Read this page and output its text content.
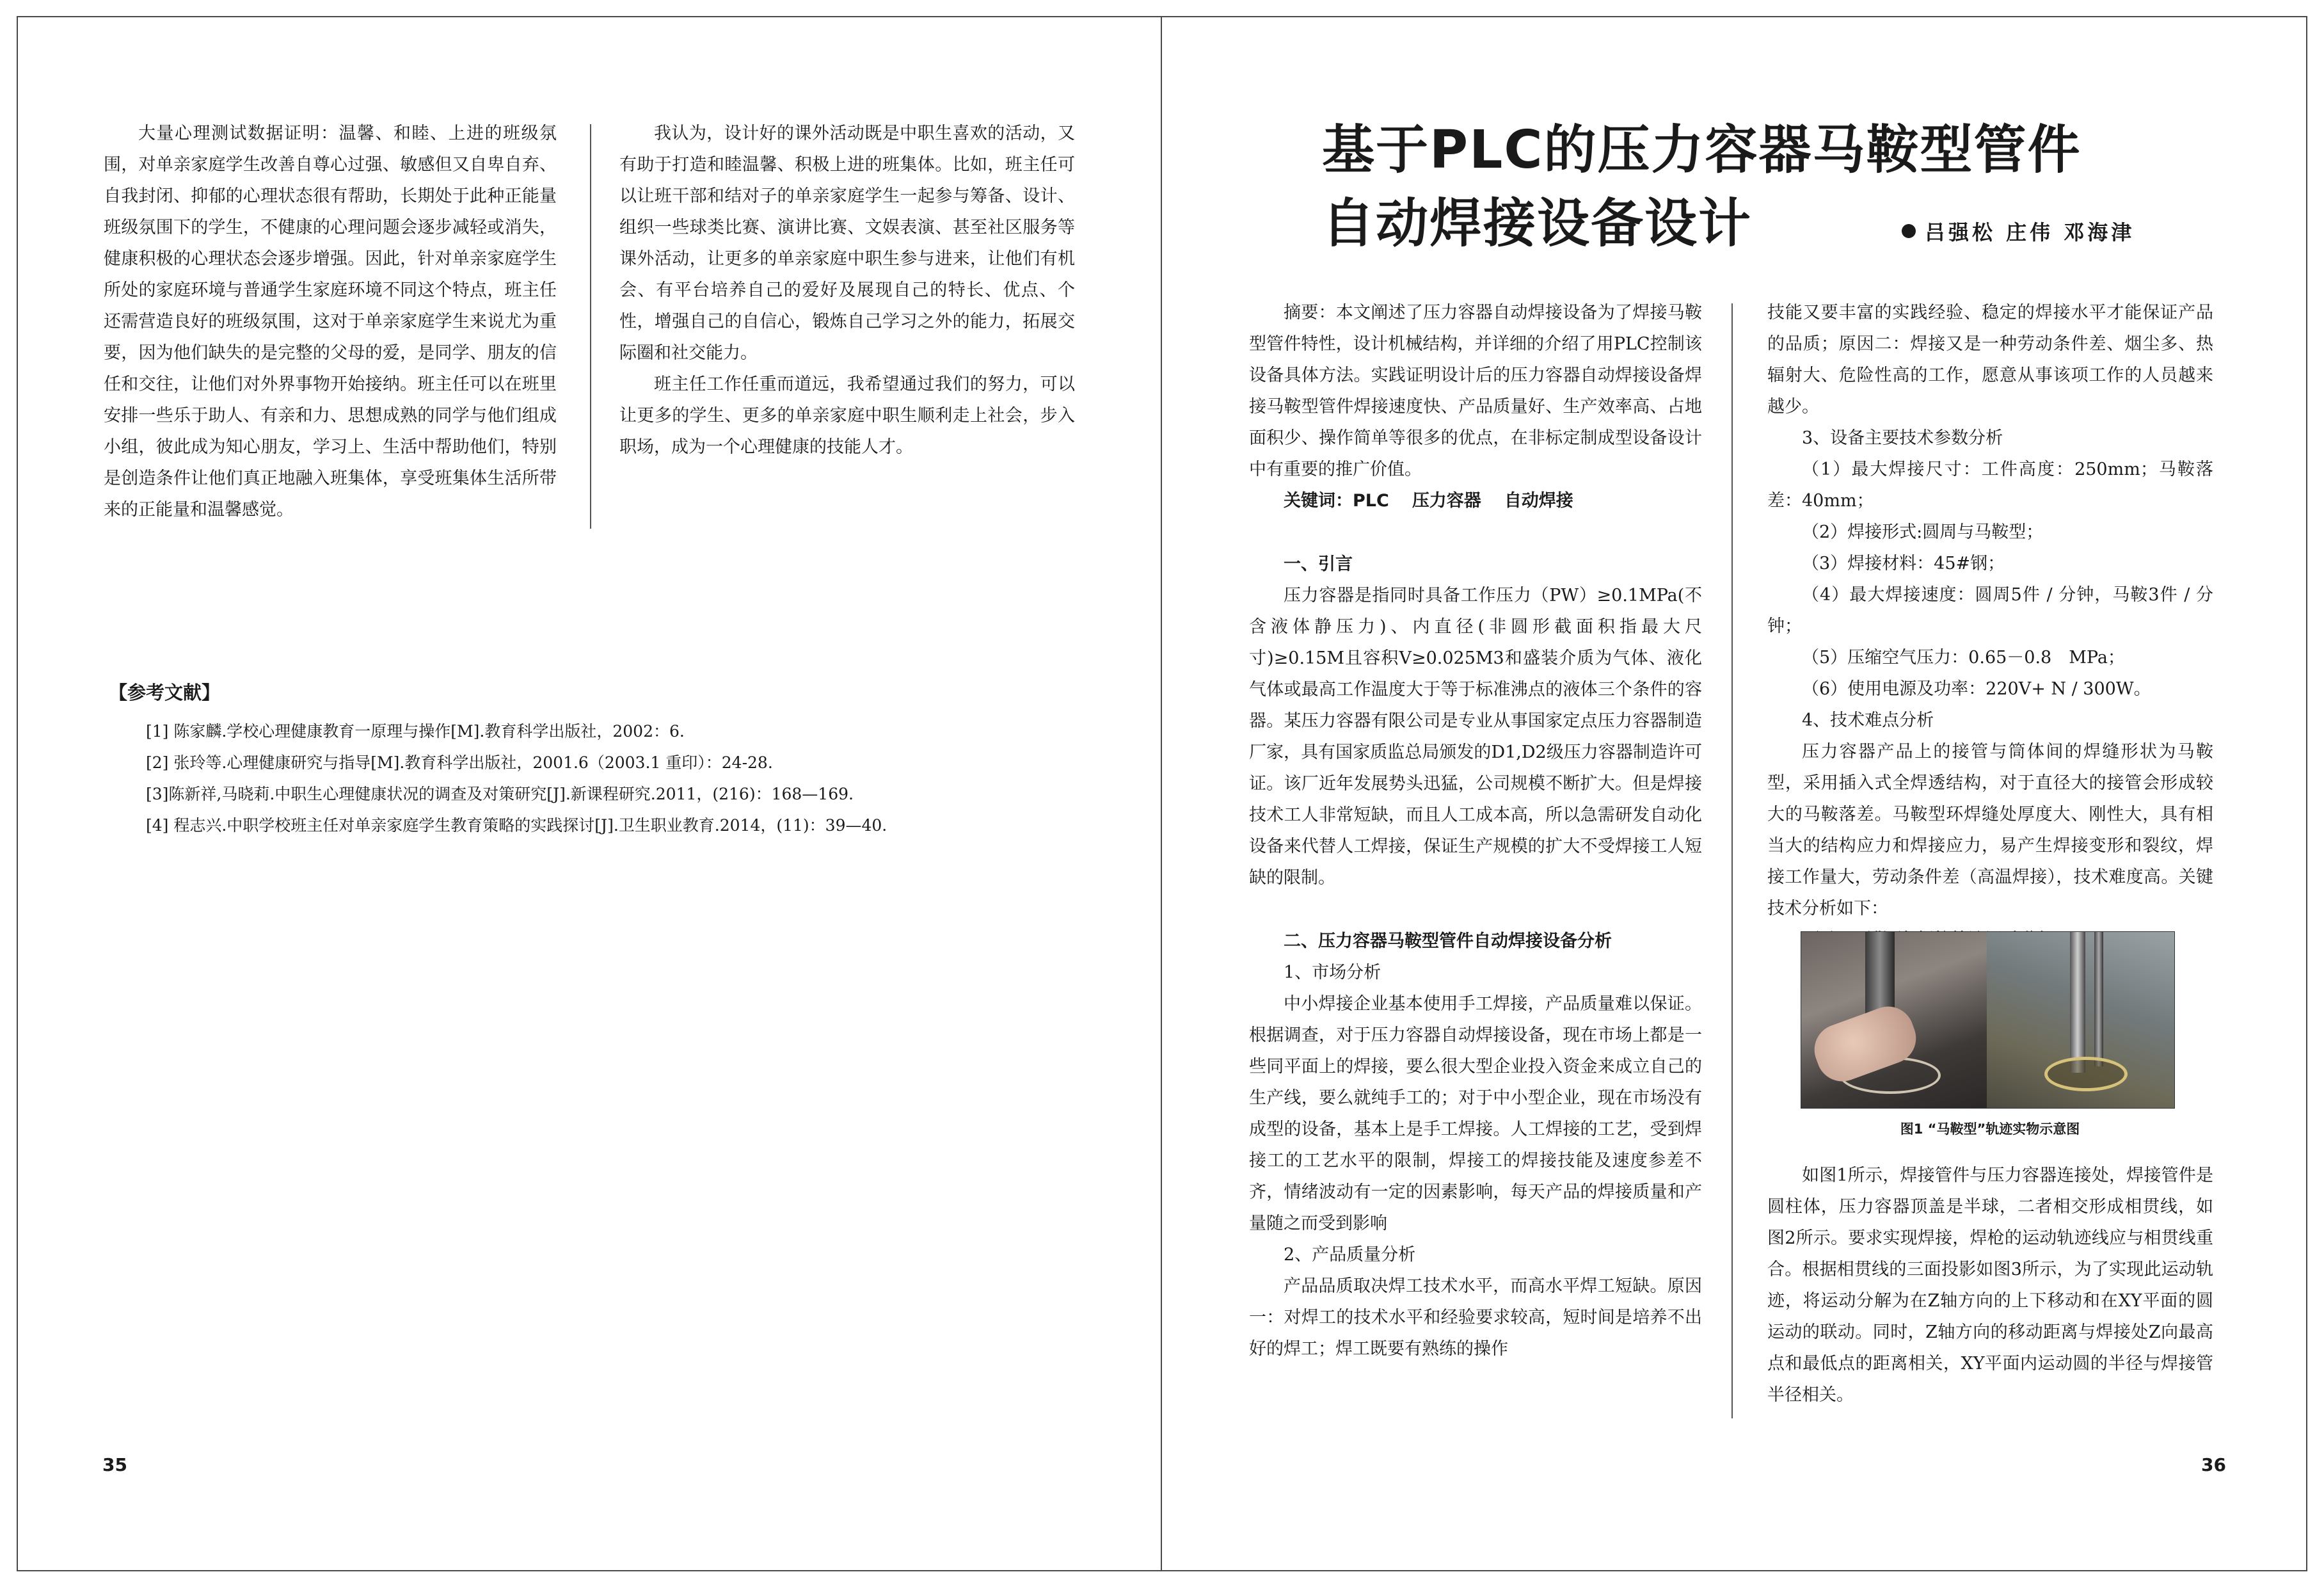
大量心理测试数据证明：温馨、和睦、上进的班级氛围，对单亲家庭学生改善自尊心过强、敏感但又自卑自弃、自我封闭、抑郁的心理状态很有帮助，长期处于此种正能量班级氛围下的学生，不健康的心理问题会逐步减轻或消失，健康积极的心理状态会逐步增强。因此，针对单亲家庭学生所处的家庭环境与普通学生家庭环境不同这个特点，班主任还需营造良好的班级氛围，这对于单亲家庭学生来说尤为重要，因为他们缺失的是完整的父母的爱，是同学、朋友的信任和交往，让他们对外界事物开始接纳。班主任可以在班里安排一些乐于助人、有亲和力、思想成熟的同学与他们组成小组，彼此成为知心朋友，学习上、生活中帮助他们，特别是创造条件让他们真正地融入班集体，享受班集体生活所带来的正能量和温馨感觉。

我认为，设计好的课外活动既是中职生喜欢的活动，又有助于打造和睦温馨、积极上进的班集体。比如，班主任可以让班干部和结对子的单亲家庭学生一起参与筹备、设计、组织一些球类比赛、演讲比赛、文娱表演、甚至社区服务等课外活动，让更多的单亲家庭中职生参与进来，让他们有机会、有平台培养自己的爱好及展现自己的特长、优点、个性，增强自己的自信心，锻炼自己学习之外的能力，拓展交际圈和社交能力。

班主任工作任重而道远，我希望通过我们的努力，可以让更多的学生、更多的单亲家庭中职生顺利走上社会，步入职场，成为一个心理健康的技能人才。

【参考文献】
[1] 陈家麟.学校心理健康教育一原理与操作[M].教育科学出版社，2002：6.
[2] 张玲等.心理健康研究与指导[M].教育科学出版社，2001.6（2003.1 重印）：24-28.
[3]陈新祥,马晓莉.中职生心理健康状况的调查及对策研究[J].新课程研究.2011，(216)：168—169.
[4] 程志兴.中职学校班主任对单亲家庭学生教育策略的实践探讨[J].卫生职业教育.2014，(11)：39—40.
35
基于PLC的压力容器马鞍型管件
自动焊接设备设计	吕强松 庄伟 邓海津

摘要：本文阐述了压力容器自动焊接设备为了焊接马鞍型管件特性，设计机械结构，并详细的介绍了用PLC控制该设备具体方法。实践证明设计后的压力容器自动焊接设备焊接马鞍型管件焊接速度快、产品质量好、生产效率高、占地面积少、操作简单等很多的优点，在非标定制成型设备设计中有重要的推广价值。

关键词：PLC 压力容器 自动焊接

一、引言

压力容器是指同时具备工作压力（PW）≥0.1MPa(不含液体静压力)、内直径(非圆形截面积指最大尺寸)≥0.15M且容积V≥0.025M3和盛装介质为气体、液化气体或最高工作温度大于等于标准沸点的液体三个条件的容器。某压力容器有限公司是专业从事国家定点压力容器制造厂家，具有国家质监总局颁发的D1,D2级压力容器制造许可证。该厂近年发展势头迅猛，公司规模不断扩大。但是焊接技术工人非常短缺，而且人工成本高，所以急需研发自动化设备来代替人工焊接，保证生产规模的扩大不受焊接工人短缺的限制。

二、压力容器马鞍型管件自动焊接设备分析

1、市场分析

中小焊接企业基本使用手工焊接，产品质量难以保证。根据调查，对于压力容器自动焊接设备，现在市场上都是一些同平面上的焊接，要么很大型企业投入资金来成立自己的生产线，要么就纯手工的；对于中小型企业，现在市场没有成型的设备，基本上是手工焊接。人工焊接的工艺，受到焊接工的工艺水平的限制，焊接工的焊接技能及速度参差不齐，情绪波动有一定的因素影响，每天产品的焊接质量和产量随之而受到影响

2、产品质量分析

产品品质取决焊工技术水平，而高水平焊工短缺。原因一：对焊工的技术水平和经验要求较高，短时间是培养不出好的焊工；焊工既要有熟练的操作

技能又要丰富的实践经验、稳定的焊接水平才能保证产品的品质；原因二：焊接又是一种劳动条件差、烟尘多、热辐射大、危险性高的工作，愿意从事该项工作的人员越来越少。

3、设备主要技术参数分析

（1）最大焊接尺寸：工件高度：250mm；马鞍落差：40mm；

（2）焊接形式:圆周与马鞍型；

（3）焊接材料：45#钢；

（4）最大焊接速度：圆周5件 / 分钟，马鞍3件 / 分钟；

（5）压缩空气压力：0.65－0.8　MPa；

（6）使用电源及功率：220V+ N / 300W。

4、技术难点分析

压力容器产品上的接管与筒体间的焊缝形状为马鞍型，采用插入式全焊透结构，对于直径大的接管会形成较大的马鞍落差。马鞍型环焊缝处厚度大、刚性大，具有相当大的结构应力和焊接应力，易产生焊接变形和裂纹，焊接工作量大，劳动条件差（高温焊接），技术难度高。关键技术分析如下：

图1 “马鞍型”轨迹实物示意图

如图1所示，焊接管件与压力容器连接处，焊接管件是圆柱体，压力容器顶盖是半球，二者相交形成相贯线，如图2所示。要求实现焊接，焊枪的运动轨迹线应与相贯线重合。根据相贯线的三面投影如图3所示，为了实现此运动轨迹，将运动分解为在Z轴方向的上下移动和在XY平面的圆运动的联动。同时，Z轴方向的移动距离与焊接处Z向最高点和最低点的距离相关，XY平面内运动圆的半径与焊接管半径相关。

36
